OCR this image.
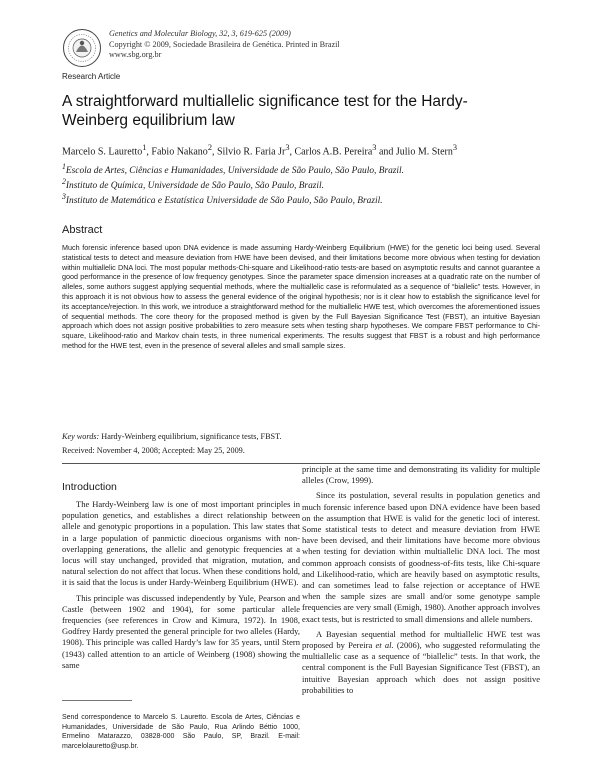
Genetics and Molecular Biology, 32, 3, 619-625 (2009)
Copyright © 2009, Sociedade Brasileira de Genética. Printed in Brazil
www.sbg.org.br
Research Article
A straightforward multiallelic significance test for the Hardy-Weinberg equilibrium law
Marcelo S. Lauretto$^1$, Fabio Nakano$^2$, Silvio R. Faria Jr$^3$, Carlos A.B. Pereira$^3$ and Julio M. Stern$^3$
$^1$Escola de Artes, Ciências e Humanidades, Universidade de São Paulo, São Paulo, Brazil.
$^2$Instituto de Química, Universidade de São Paulo, São Paulo, Brazil.
$^3$Instituto de Matemática e Estatística Universidade de São Paulo, São Paulo, Brazil.
Abstract
Much forensic inference based upon DNA evidence is made assuming Hardy-Weinberg Equilibrium (HWE) for the genetic loci being used. Several statistical tests to detect and measure deviation from HWE have been devised, and their limitations become more obvious when testing for deviation within multiallelic DNA loci. The most popular methods-Chi-square and Likelihood-ratio tests-are based on asymptotic results and cannot guarantee a good performance in the presence of low frequency genotypes. Since the parameter space dimension increases at a quadratic rate on the number of alleles, some authors suggest applying sequential methods, where the multiallelic case is reformulated as a sequence of “biallelic” tests. However, in this approach it is not obvious how to assess the general evidence of the original hypothesis; nor is it clear how to establish the significance level for its acceptance/rejection. In this work, we introduce a straightforward method for the multiallelic HWE test, which overcomes the aforementioned issues of sequential methods. The core theory for the proposed method is given by the Full Bayesian Significance Test (FBST), an intuitive Bayesian approach which does not assign positive probabilities to zero measure sets when testing sharp hypotheses. We compare FBST performance to Chi-square, Likelihood-ratio and Markov chain tests, in three numerical experiments. The results suggest that FBST is a robust and high performance method for the HWE test, even in the presence of several alleles and small sample sizes.
Key words: Hardy-Weinberg equilibrium, significance tests, FBST.
Received: November 4, 2008; Accepted: May 25, 2009.
Introduction

The Hardy-Weinberg law is one of most important principles in population genetics, and establishes a direct relationship between allele and genotypic proportions in a population. This law states that in a large population of panmictic dioecious organisms with non-overlapping generations, the allelic and genotypic frequencies at a locus will stay unchanged, provided that migration, mutation, and natural selection do not affect that locus. When these conditions hold, it is said that the locus is under Hardy-Weinberg Equilibrium (HWE).

This principle was discussed independently by Yule, Pearson and Castle (between 1902 and 1904), for some particular allele frequencies (see references in Crow and Kimura, 1972). In 1908, Godfrey Hardy presented the general principle for two alleles (Hardy, 1908). This principle was called Hardy’s law for 35 years, until Stern (1943) called attention to an article of Weinberg (1908) showing the same

principle at the same time and demonstrating its validity for multiple alleles (Crow, 1999).

Since its postulation, several results in population genetics and much forensic inference based upon DNA evidence have been based on the assumption that HWE is valid for the genetic loci of interest. Some statistical tests to detect and measure deviation from HWE have been devised, and their limitations have become more obvious when testing for deviation within multiallelic DNA loci. The most common approach consists of goodness-of-fits tests, like Chi-square and Likelihood-ratio, which are heavily based on asymptotic results, and can sometimes lead to false rejection or acceptance of HWE when the sample sizes are small and/or some genotype sample frequencies are very small (Emigh, 1980). Another approach involves exact tests, but is restricted to small dimensions and allele numbers.

A Bayesian sequential method for multiallelic HWE test was proposed by Pereira et al. (2006), who suggested reformulating the multiallelic case as a sequence of “biallelic” tests. In that work, the central component is the Full Bayesian Significance Test (FBST), an intuitive Bayesian approach which does not assign positive probabilities to

Send correspondence to Marcelo S. Lauretto. Escola de Artes, Ciências e Humanidades, Universidade de São Paulo, Rua Arlindo Béttio 1000, Ermelino Matarazzo, 03828-000 São Paulo, SP, Brazil. E-mail: marcelolauretto@usp.br.
